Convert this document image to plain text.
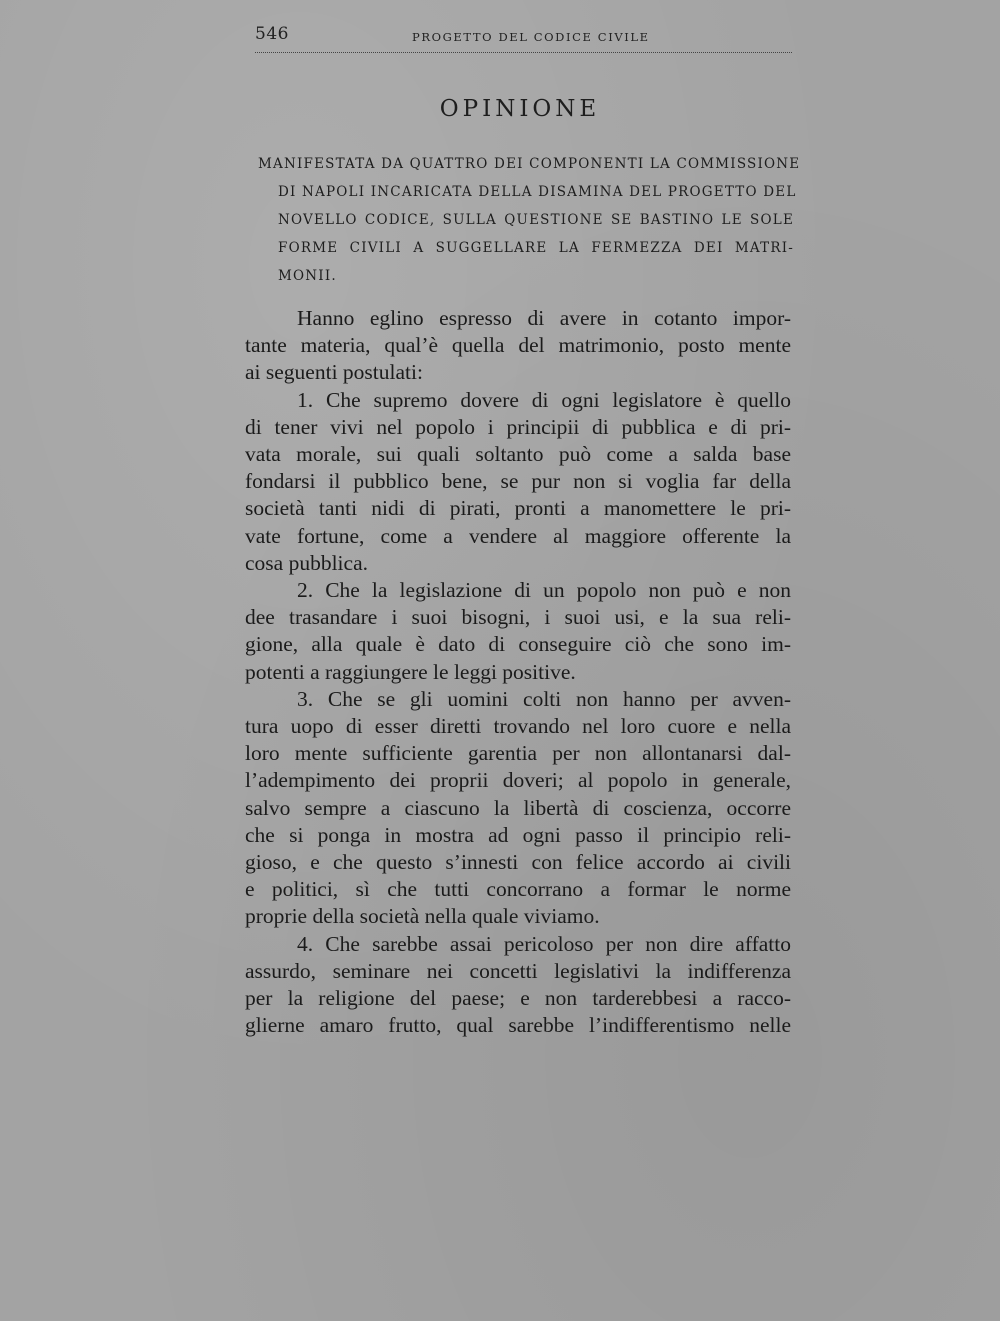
546	PROGETTO DEL CODICE CIVILE
OPINIONE
MANIFESTATA DA QUATTRO DEI COMPONENTI LA COMMISSIONE
DI NAPOLI INCARICATA DELLA DISAMINA DEL PROGETTO DEL
NOVELLO CODICE, SULLA QUESTIONE SE BASTINO LE SOLE
FORME CIVILI A SUGGELLARE LA FERMEZZA DEI MATRI-
MONII.
Hanno eglino espresso di avere in cotanto impor-
tante materia, qual’è quella del matrimonio, posto mente
ai seguenti postulati:
1. Che supremo dovere di ogni legislatore è quello
di tener vivi nel popolo i principii di pubblica e di pri-
vata morale, sui quali soltanto può come a salda base
fondarsi il pubblico bene, se pur non si voglia far della
società tanti nidi di pirati, pronti a manomettere le pri-
vate fortune, come a vendere al maggiore offerente la
cosa pubblica.
2. Che la legislazione di un popolo non può e non
dee trasandare i suoi bisogni, i suoi usi, e la sua reli-
gione, alla quale è dato di conseguire ciò che sono im-
potenti a raggiungere le leggi positive.
3. Che se gli uomini colti non hanno per avven-
tura uopo di esser diretti trovando nel loro cuore e nella
loro mente sufficiente garentia per non allontanarsi dal-
l’adempimento dei proprii doveri; al popolo in generale,
salvo sempre a ciascuno la libertà di coscienza, occorre
che si ponga in mostra ad ogni passo il principio reli-
gioso, e che questo s’innesti con felice accordo ai civili
e politici, sì che tutti concorrano a formar le norme
proprie della società nella quale viviamo.
4. Che sarebbe assai pericoloso per non dire affatto
assurdo, seminare nei concetti legislativi la indifferenza
per la religione del paese; e non tarderebbesi a racco-
glierne amaro frutto, qual sarebbe l’indifferentismo nelle
